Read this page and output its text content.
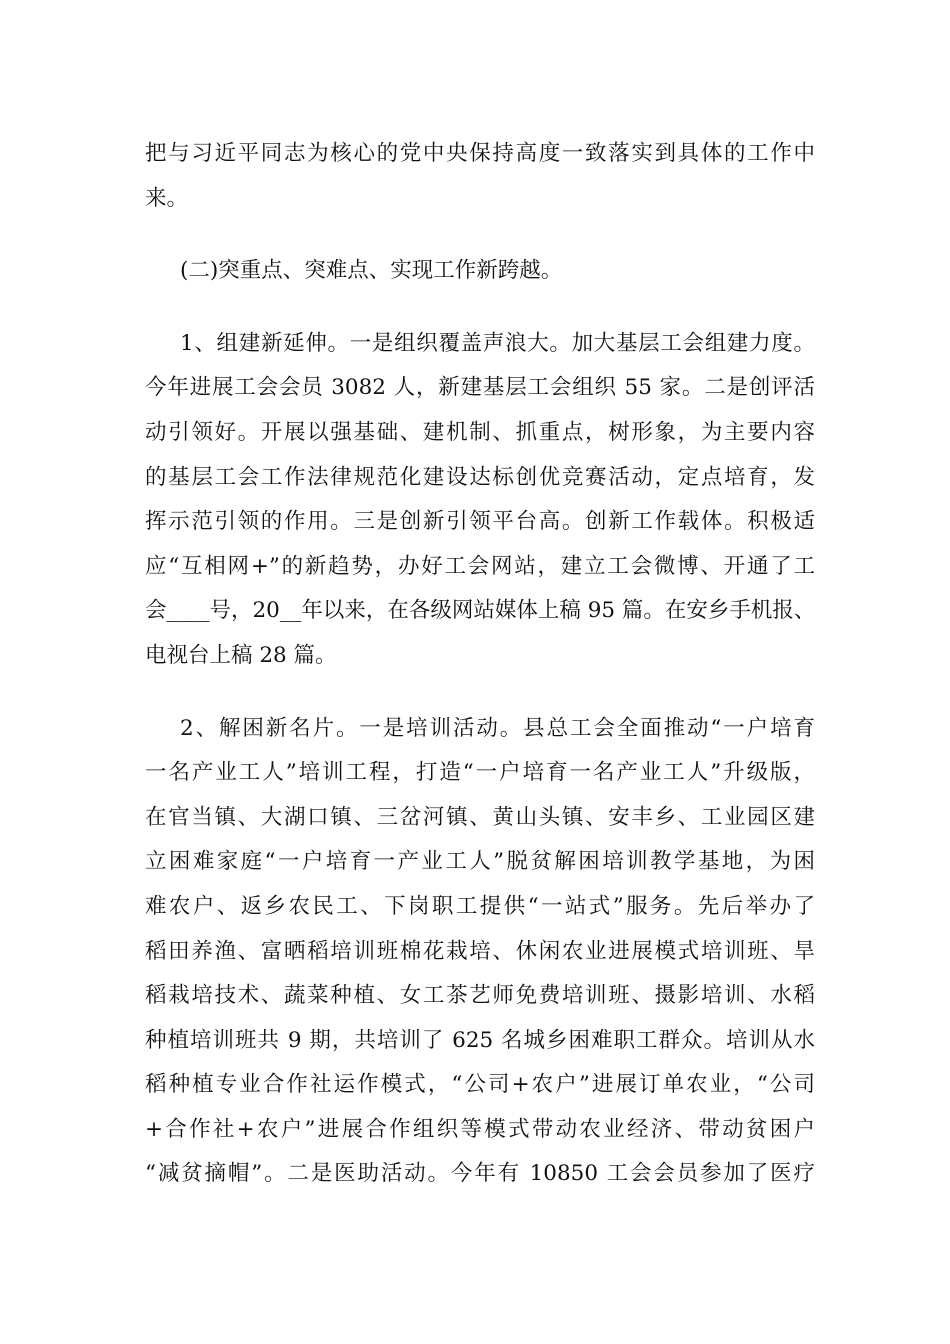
把与习近平同志为核心的党中央保持高度一致落实到具体的工作中
来。
(二)突重点、突难点、实现工作新跨越。
1、组建新延伸。一是组织覆盖声浪大。加大基层工会组建力度。
今年进展工会会员 3082 人，新建基层工会组织 55 家。二是创评活
动引领好。开展以强基础、建机制、抓重点，树形象，为主要内容
的基层工会工作法律规范化建设达标创优竞赛活动，定点培育，发
挥示范引领的作用。三是创新引领平台高。创新工作载体。积极适
应“互相网+”的新趋势，办好工会网站，建立工会微博、开通了工
会____号，20__年以来，在各级网站媒体上稿 95 篇。在安乡手机报、
电视台上稿 28 篇。
2、解困新名片。一是培训活动。县总工会全面推动“一户培育
一名产业工人”培训工程，打造“一户培育一名产业工人”升级版，
在官当镇、大湖口镇、三岔河镇、黄山头镇、安丰乡、工业园区建
立困难家庭“一户培育一产业工人”脱贫解困培训教学基地，为困
难农户、返乡农民工、下岗职工提供“一站式”服务。先后举办了
稻田养渔、富晒稻培训班棉花栽培、休闲农业进展模式培训班、旱
稻栽培技术、蔬菜种植、女工茶艺师免费培训班、摄影培训、水稻
种植培训班共 9 期，共培训了 625 名城乡困难职工群众。培训从水
稻种植专业合作社运作模式，“公司+农户”进展订单农业，“公司
+合作社+农户”进展合作组织等模式带动农业经济、带动贫困户
“减贫摘帽”。二是医助活动。今年有 10850 工会会员参加了医疗
